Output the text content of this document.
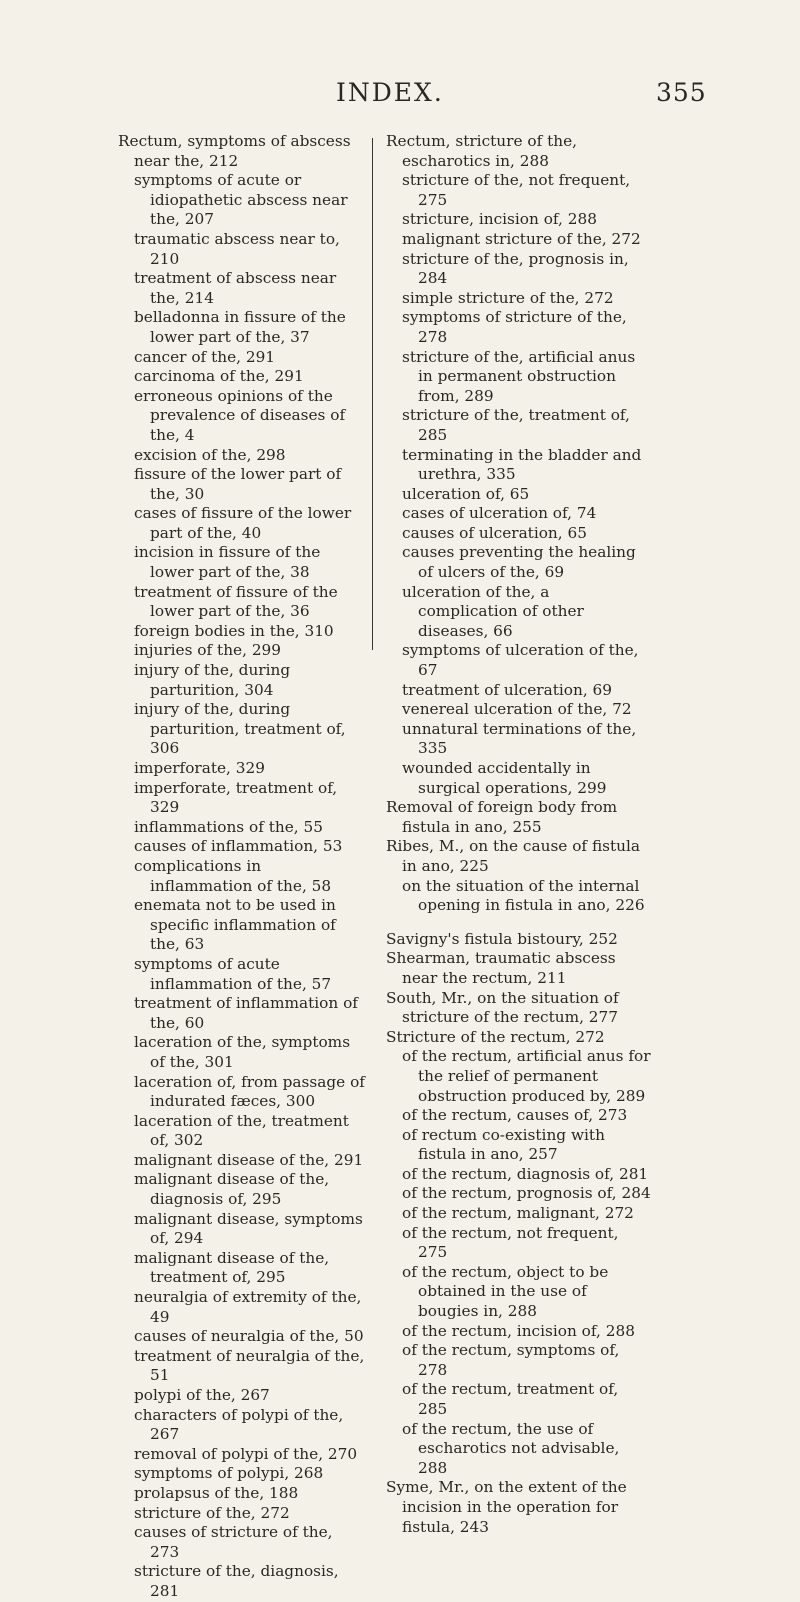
INDEX.	355
Rectum, symptoms of abscess near the, 212
symptoms of acute or idiopathetic abscess near the, 207
traumatic abscess near to, 210
treatment of abscess near the, 214
belladonna in fissure of the lower part of the, 37
cancer of the, 291
carcinoma of the, 291
erroneous opinions of the prevalence of diseases of the, 4
excision of the, 298
fissure of the lower part of the, 30
cases of fissure of the lower part of the, 40
incision in fissure of the lower part of the, 38
treatment of fissure of the lower part of the, 36
foreign bodies in the, 310
injuries of the, 299
injury of the, during parturition, 304
injury of the, during parturition, treatment of, 306
imperforate, 329
imperforate, treatment of, 329
inflammations of the, 55
causes of inflammation, 53
complications in inflammation of the, 58
enemata not to be used in specific inflammation of the, 63
symptoms of acute inflammation of the, 57
treatment of inflammation of the, 60
laceration of the, symptoms of the, 301
laceration of, from passage of indurated fæces, 300
laceration of the, treatment of, 302
malignant disease of the, 291
malignant disease of the, diagnosis of, 295
malignant disease, symptoms of, 294
malignant disease of the, treatment of, 295
neuralgia of extremity of the, 49
causes of neuralgia of the, 50
treatment of neuralgia of the, 51
polypi of the, 267
characters of polypi of the, 267
removal of polypi of the, 270
symptoms of polypi, 268
prolapsus of the, 188
stricture of the, 272
causes of stricture of the, 273
stricture of the, diagnosis, 281
Rectum, stricture of the, escharotics in, 288
stricture of the, not frequent, 275
stricture, incision of, 288
malignant stricture of the, 272
stricture of the, prognosis in, 284
simple stricture of the, 272
symptoms of stricture of the, 278
stricture of the, artificial anus in permanent obstruction from, 289
stricture of the, treatment of, 285
terminating in the bladder and urethra, 335
ulceration of, 65
cases of ulceration of, 74
causes of ulceration, 65
causes preventing the healing of ulcers of the, 69
ulceration of the, a complication of other diseases, 66
symptoms of ulceration of the, 67
treatment of ulceration, 69
venereal ulceration of the, 72
unnatural terminations of the, 335
wounded accidentally in surgical operations, 299
Removal of foreign body from fistula in ano, 255
Ribes, M., on the cause of fistula in ano, 225
on the situation of the internal opening in fistula in ano, 226
Savigny's fistula bistoury, 252
Shearman, traumatic abscess near the rectum, 211
South, Mr., on the situation of stricture of the rectum, 277
Stricture of the rectum, 272
of the rectum, artificial anus for the relief of permanent obstruction produced by, 289
of the rectum, causes of, 273
of rectum co-existing with fistula in ano, 257
of the rectum, diagnosis of, 281
of the rectum, prognosis of, 284
of the rectum, malignant, 272
of the rectum, not frequent, 275
of the rectum, object to be obtained in the use of bougies in, 288
of the rectum, incision of, 288
of the rectum, symptoms of, 278
of the rectum, treatment of, 285
of the rectum, the use of escharotics not advisable, 288
Syme, Mr., on the extent of the incision in the operation for fistula, 243
